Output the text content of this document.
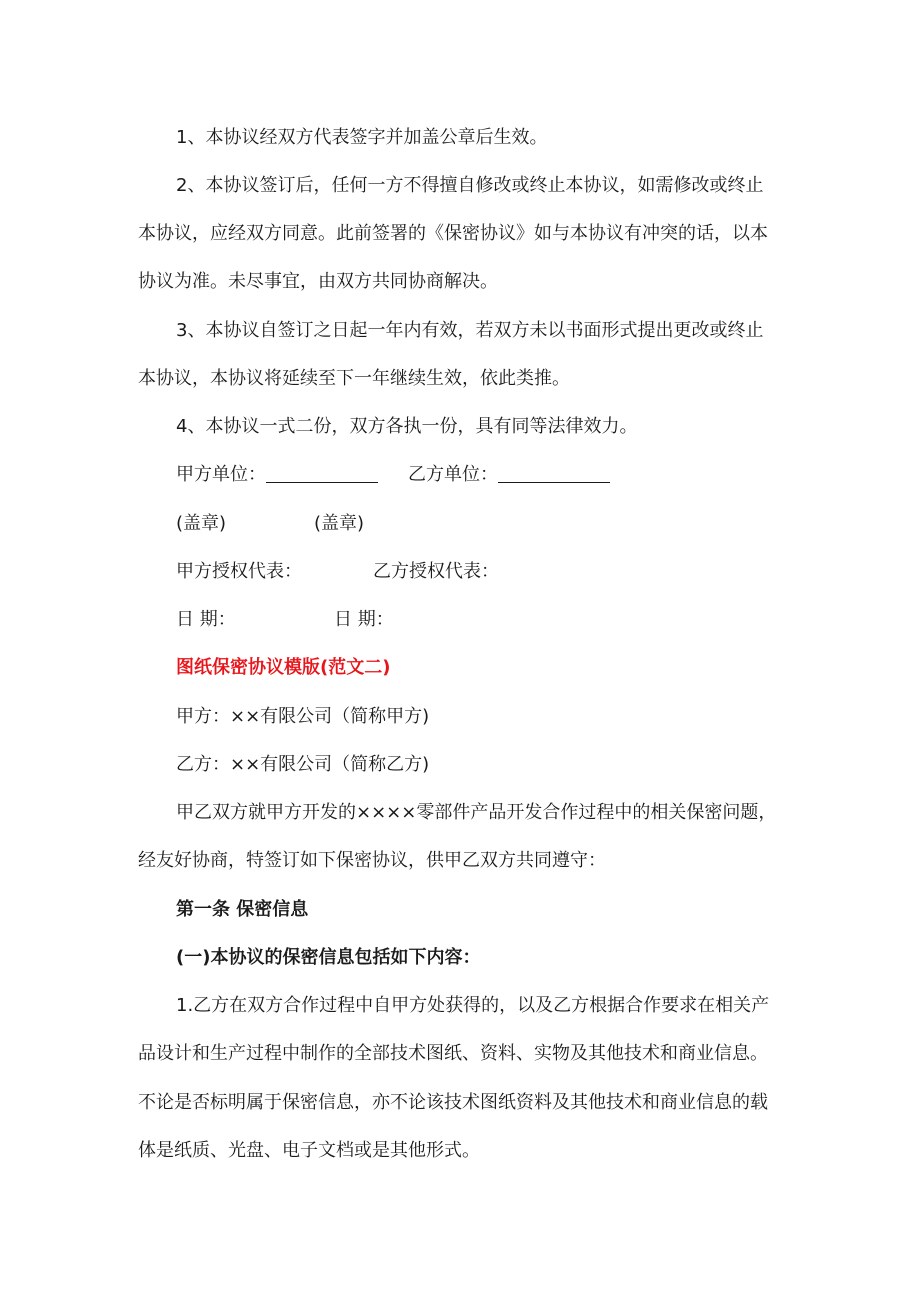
1、本协议经双方代表签字并加盖公章后生效。

2、本协议签订后，任何一方不得擅自修改或终止本协议，如需修改或终止

本协议，应经双方同意。此前签署的《保密协议》如与本协议有冲突的话，以本

协议为准。未尽事宜，由双方共同协商解决。

3、本协议自签订之日起一年内有效，若双方未以书面形式提出更改或终止

本协议，本协议将延续至下一年继续生效，依此类推。

4、本协议一式二份，双方各执一份，具有同等法律效力。

甲方单位：	乙方单位：

(盖章)	(盖章)

甲方授权代表：	乙方授权代表：

日 期：	日 期：

图纸保密协议模版(范文二)

甲方：××有限公司（简称甲方)

乙方：××有限公司（简称乙方)

甲乙双方就甲方开发的××××零部件产品开发合作过程中的相关保密问题，

经友好协商，特签订如下保密协议，供甲乙双方共同遵守：

第一条 保密信息

(一)本协议的保密信息包括如下内容：

1.乙方在双方合作过程中自甲方处获得的，以及乙方根据合作要求在相关产

品设计和生产过程中制作的全部技术图纸、资料、实物及其他技术和商业信息。

不论是否标明属于保密信息，亦不论该技术图纸资料及其他技术和商业信息的载

体是纸质、光盘、电子文档或是其他形式。
